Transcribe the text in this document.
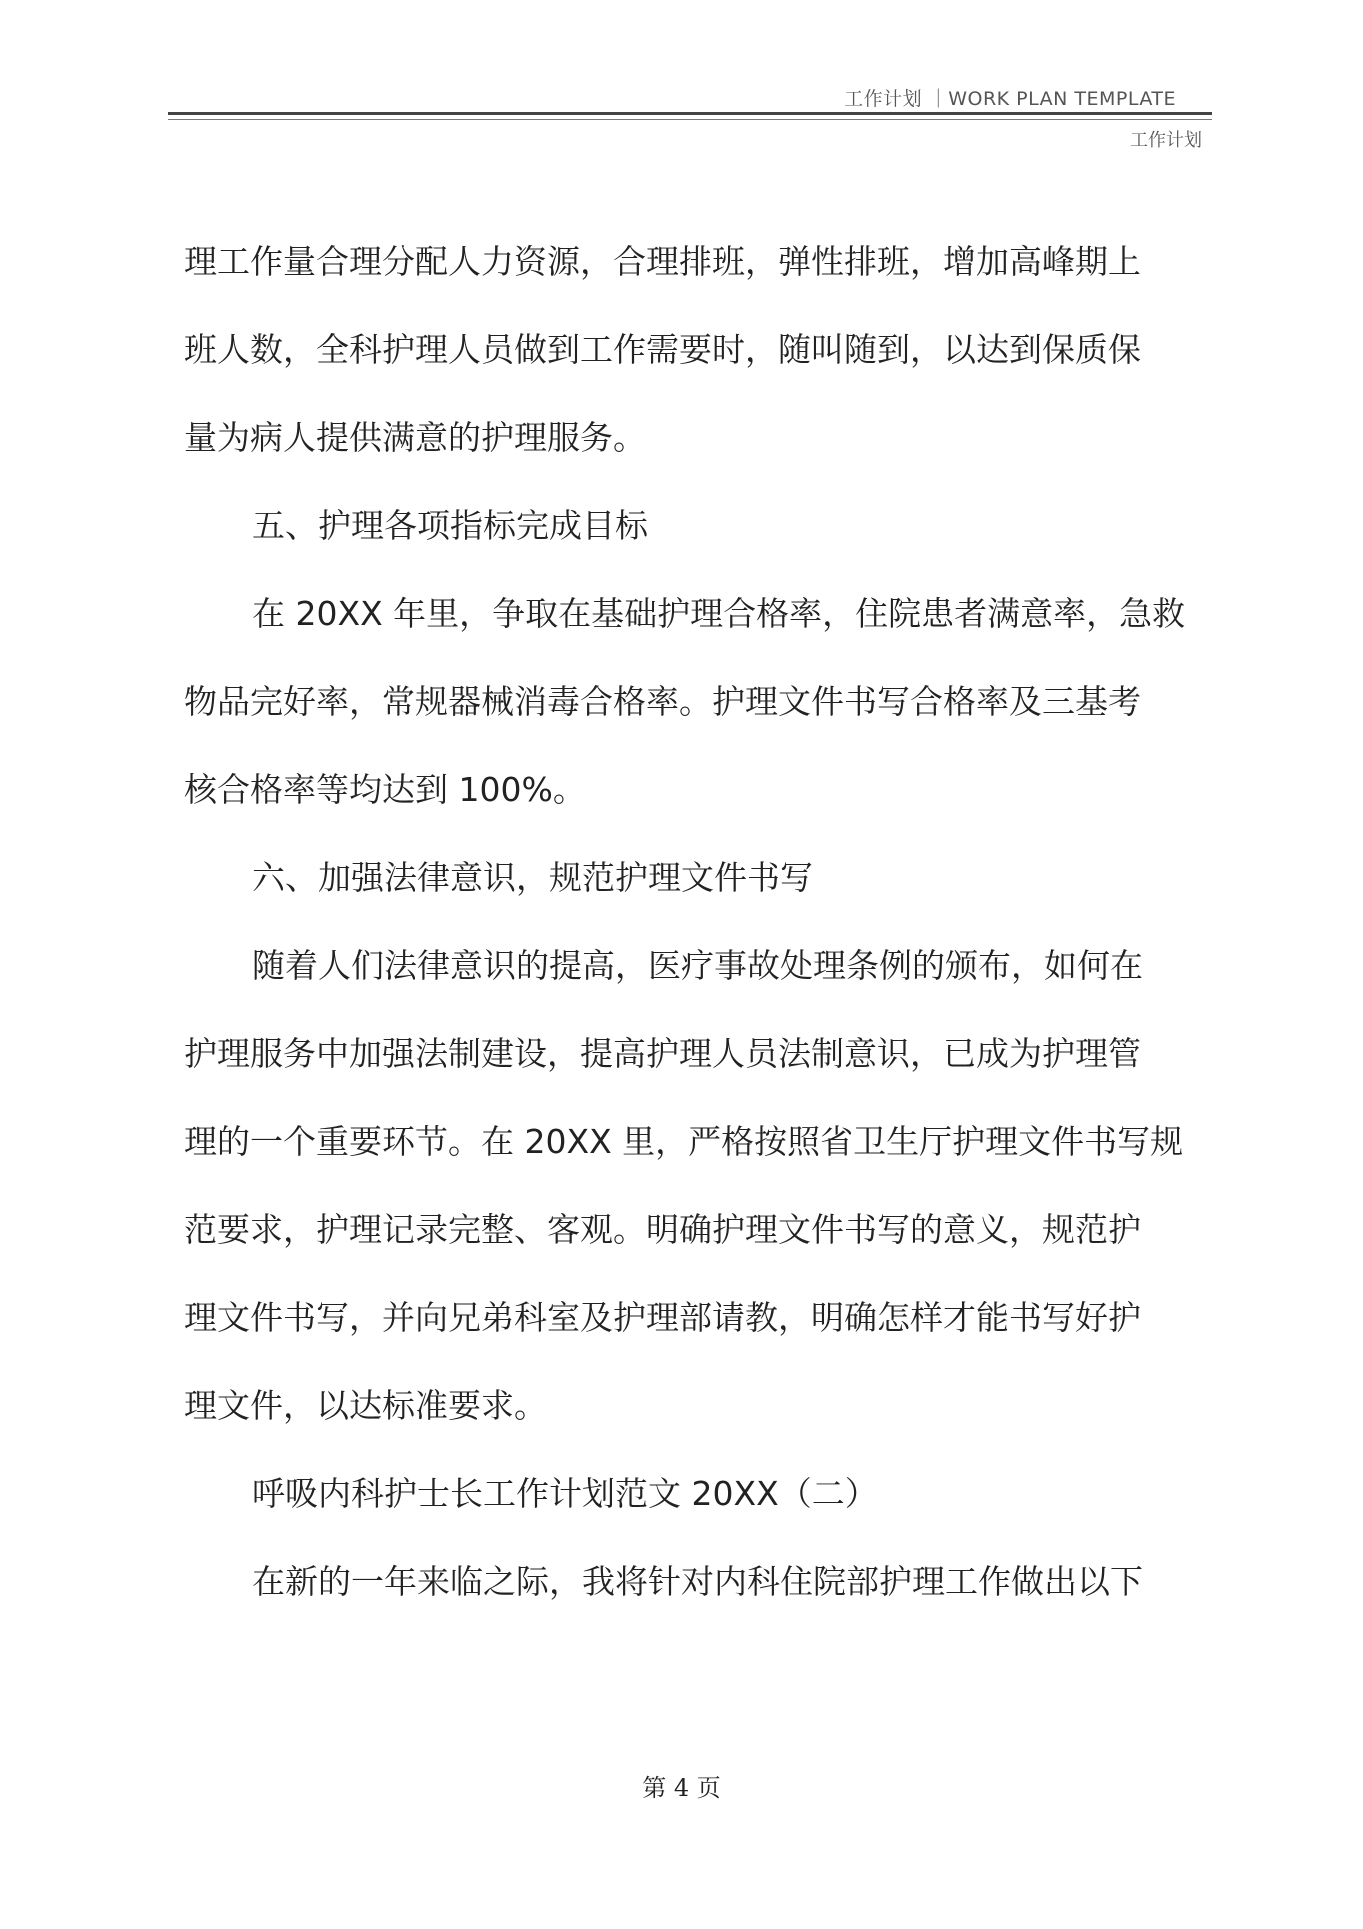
工作计划 ｜WORK PLAN TEMPLATE
工作计划

理工作量合理分配人力资源，合理排班，弹性排班，增加高峰期上

班人数，全科护理人员做到工作需要时，随叫随到，以达到保质保

量为病人提供满意的护理服务。

五、护理各项指标完成目标

在 20XX 年里，争取在基础护理合格率，住院患者满意率，急救

物品完好率，常规器械消毒合格率。护理文件书写合格率及三基考

核合格率等均达到 100%。

六、加强法律意识，规范护理文件书写

随着人们法律意识的提高，医疗事故处理条例的颁布，如何在

护理服务中加强法制建设，提高护理人员法制意识，已成为护理管

理的一个重要环节。在 20XX 里，严格按照省卫生厅护理文件书写规

范要求，护理记录完整、客观。明确护理文件书写的意义，规范护

理文件书写，并向兄弟科室及护理部请教，明确怎样才能书写好护

理文件，以达标准要求。

呼吸内科护士长工作计划范文 20XX（二）

在新的一年来临之际，我将针对内科住院部护理工作做出以下

第 4 页
